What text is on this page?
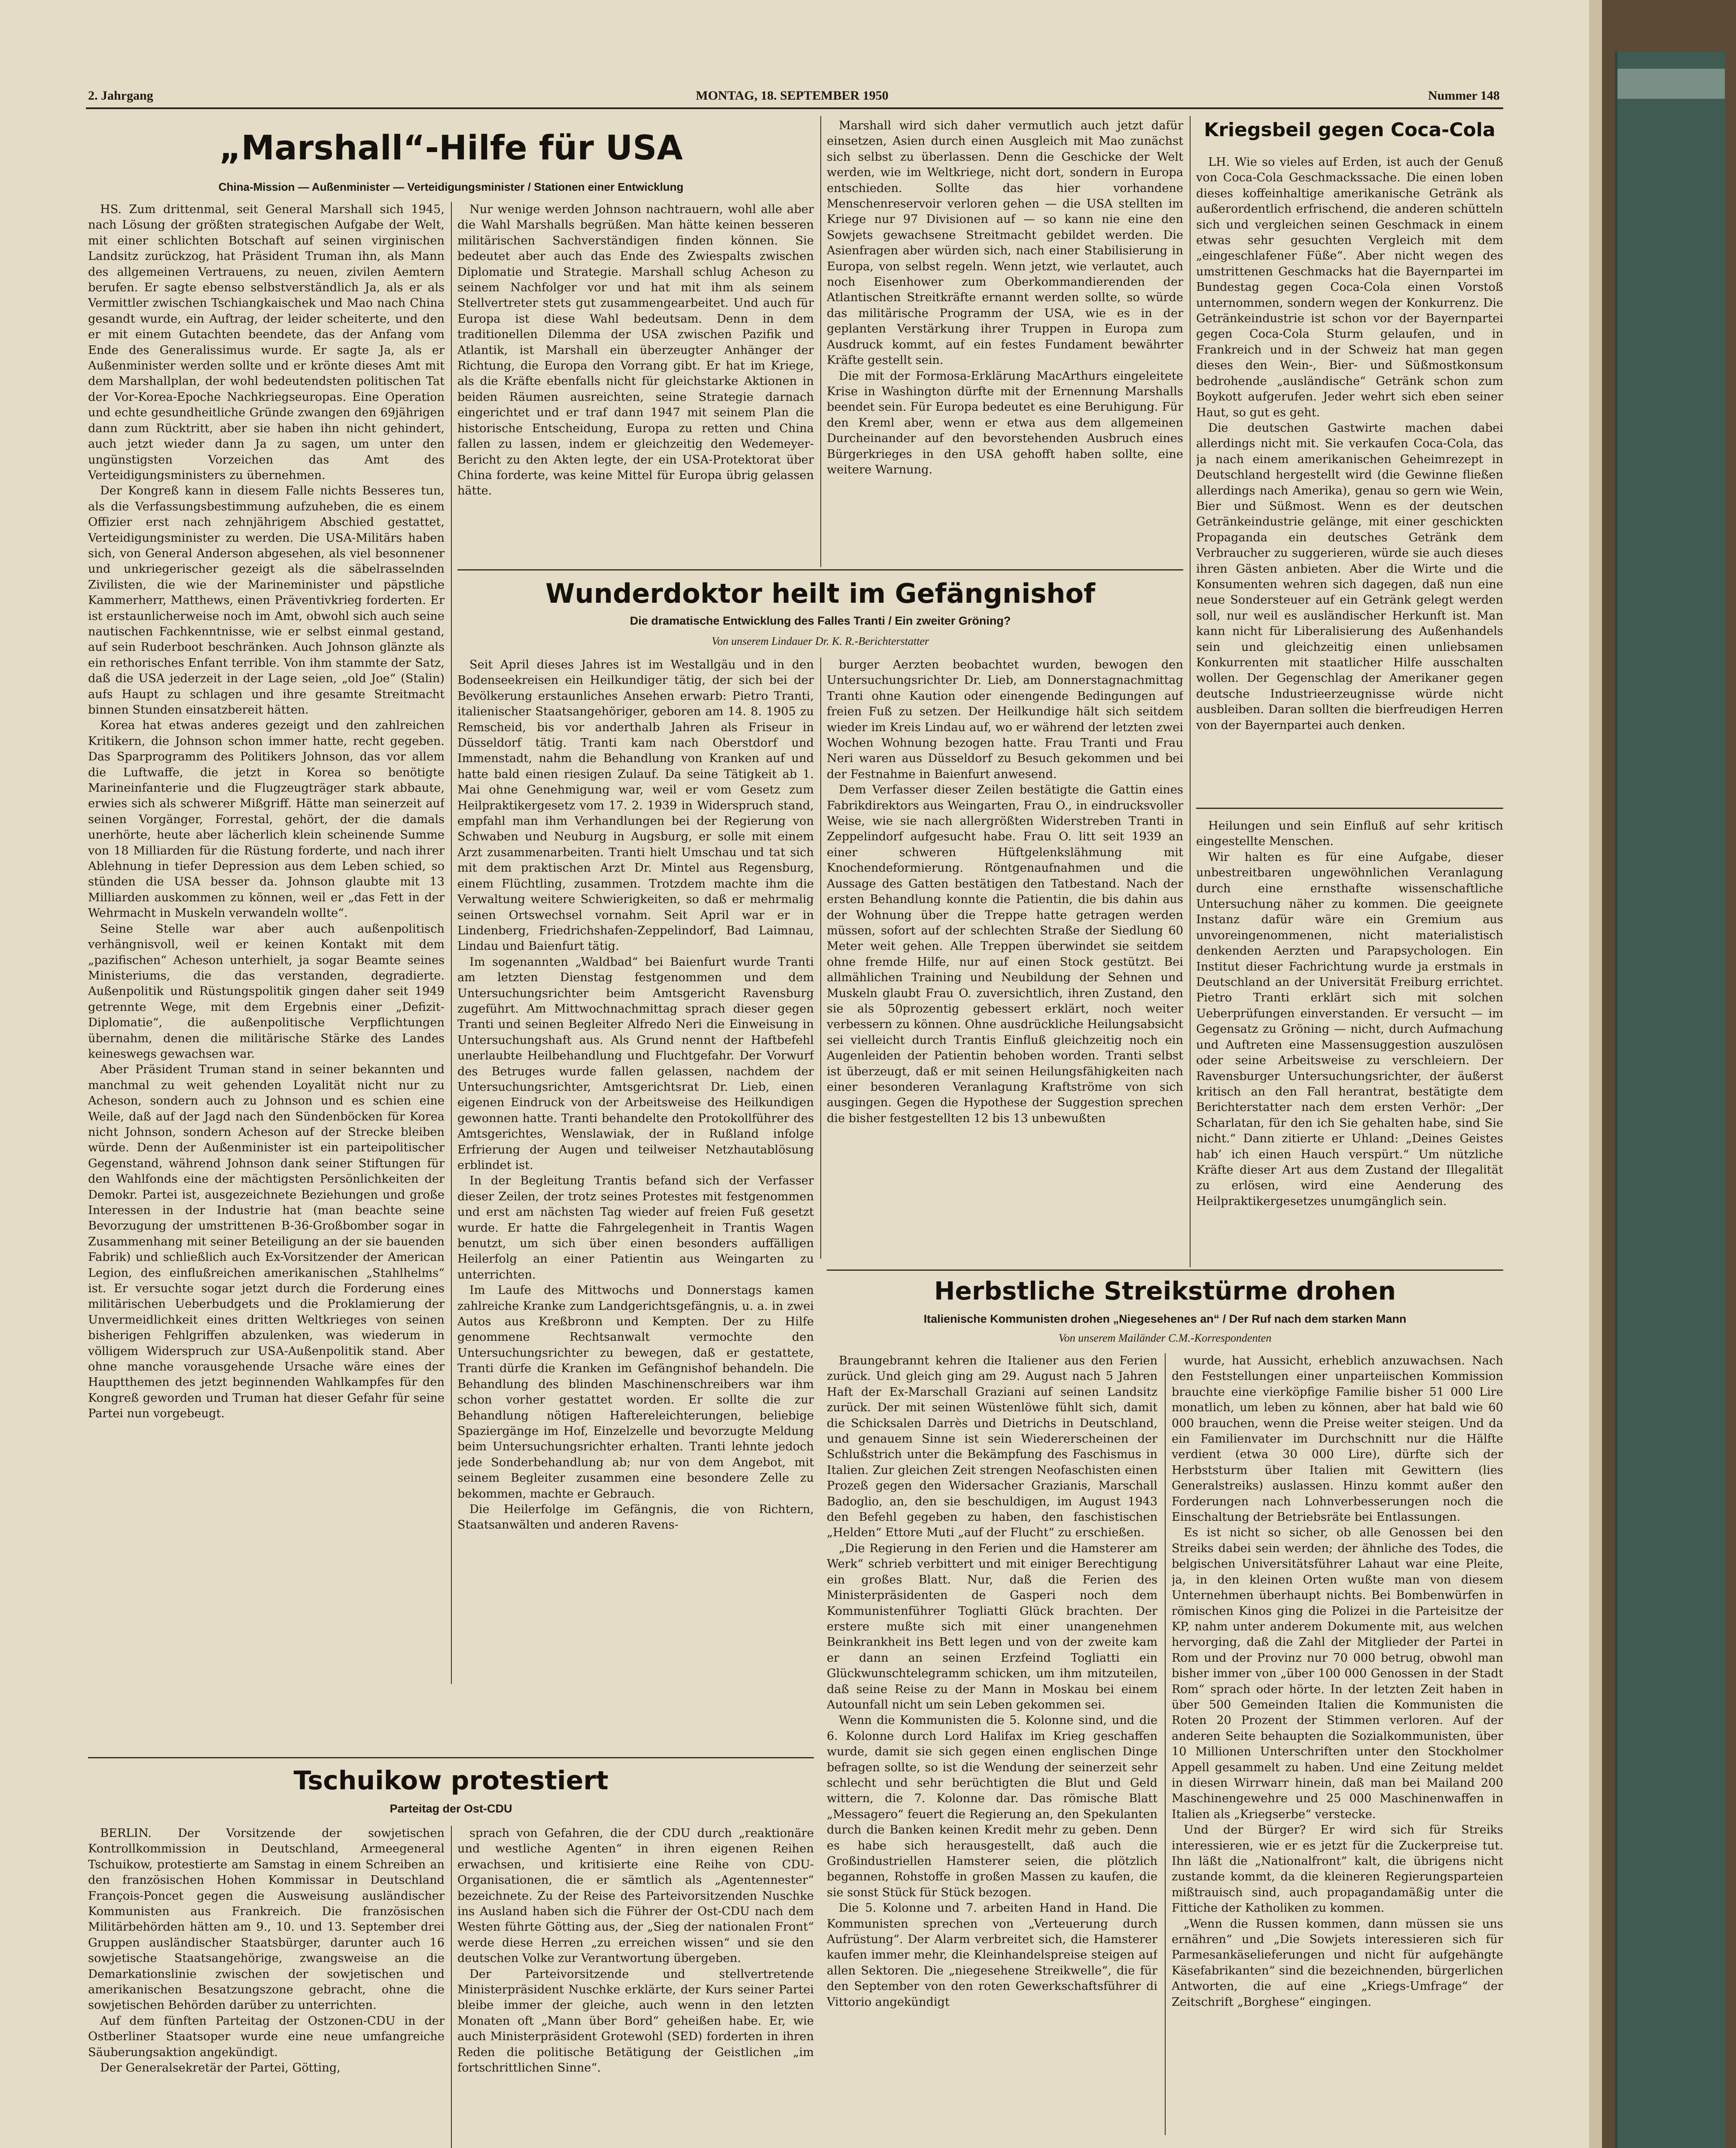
2. Jahrgang	MONTAG, 18. SEPTEMBER 1950	Nummer 148
„Marshall“-Hilfe für USA
China-Mission — Außenminister — Verteidigungsminister / Stationen einer Entwicklung

HS. Zum drittenmal, seit General Marshall sich 1945, nach Lösung der größten strategischen Aufgabe der Welt, mit einer schlichten Botschaft auf seinen virginischen Landsitz zurückzog, hat Präsident Truman ihn, als Mann des allgemeinen Vertrauens, zu neuen, zivilen Aemtern berufen. Er sagte ebenso selbstverständlich Ja, als er als Vermittler zwischen Tschiangkaischek und Mao nach China gesandt wurde, ein Auftrag, der leider scheiterte, und den er mit einem Gutachten beendete, das der Anfang vom Ende des Generalissimus wurde. Er sagte Ja, als er Außenminister werden sollte und er krönte dieses Amt mit dem Marshallplan, der wohl bedeutendsten politischen Tat der Vor-Korea-Epoche Nachkriegseuropas. Eine Operation und echte gesundheitliche Gründe zwangen den 69jährigen dann zum Rücktritt, aber sie haben ihn nicht gehindert, auch jetzt wieder dann Ja zu sagen, um unter den ungünstigsten Vorzeichen das Amt des Verteidigungsministers zu übernehmen.

Der Kongreß kann in diesem Falle nichts Besseres tun, als die Verfassungsbestimmung aufzuheben, die es einem Offizier erst nach zehnjährigem Abschied gestattet, Verteidigungsminister zu werden. Die USA-Militärs haben sich, von General Anderson abgesehen, als viel besonnener und unkriegerischer gezeigt als die säbelrasselnden Zivilisten, die wie der Marineminister und päpstliche Kammerherr, Matthews, einen Präventivkrieg forderten. Er ist erstaunlicherweise noch im Amt, obwohl sich auch seine nautischen Fachkenntnisse, wie er selbst einmal gestand, auf sein Ruderboot beschränken. Auch Johnson glänzte als ein rethorisches Enfant terrible. Von ihm stammte der Satz, daß die USA jederzeit in der Lage seien, „old Joe“ (Stalin) aufs Haupt zu schlagen und ihre gesamte Streitmacht binnen Stunden einsatzbereit hätten.

Korea hat etwas anderes gezeigt und den zahlreichen Kritikern, die Johnson schon immer hatte, recht gegeben. Das Sparprogramm des Politikers Johnson, das vor allem die Luftwaffe, die jetzt in Korea so benötigte Marineinfanterie und die Flugzeugträger stark abbaute, erwies sich als schwerer Mißgriff. Hätte man seinerzeit auf seinen Vorgänger, Forrestal, gehört, der die damals unerhörte, heute aber lächerlich klein scheinende Summe von 18 Milliarden für die Rüstung forderte, und nach ihrer Ablehnung in tiefer Depression aus dem Leben schied, so stünden die USA besser da. Johnson glaubte mit 13 Milliarden auskommen zu können, weil er „das Fett in der Wehrmacht in Muskeln verwandeln wollte“.

Seine Stelle war aber auch außenpolitisch verhängnisvoll, weil er keinen Kontakt mit dem „pazifischen“ Acheson unterhielt, ja sogar Beamte seines Ministeriums, die das verstanden, degradierte. Außenpolitik und Rüstungspolitik gingen daher seit 1949 getrennte Wege, mit dem Ergebnis einer „Defizit-Diplomatie“, die außenpolitische Verpflichtungen übernahm, denen die militärische Stärke des Landes keineswegs gewachsen war.

Aber Präsident Truman stand in seiner bekannten und manchmal zu weit gehenden Loyalität nicht nur zu Acheson, sondern auch zu Johnson und es schien eine Weile, daß auf der Jagd nach den Sündenböcken für Korea nicht Johnson, sondern Acheson auf der Strecke bleiben würde. Denn der Außenminister ist ein parteipolitischer Gegenstand, während Johnson dank seiner Stiftungen für den Wahlfonds eine der mächtigsten Persönlichkeiten der Demokr. Partei ist, ausgezeichnete Beziehungen und große Interessen in der Industrie hat (man beachte seine Bevorzugung der umstrittenen B-36-Großbomber sogar in Zusammenhang mit seiner Beteiligung an der sie bauenden Fabrik) und schließlich auch Ex-Vorsitzender der American Legion, des einflußreichen amerikanischen „Stahlhelms“ ist. Er versuchte sogar jetzt durch die Forderung eines militärischen Ueberbudgets und die Proklamierung der Unvermeidlichkeit eines dritten Weltkrieges von seinen bisherigen Fehlgriffen abzulenken, was wiederum in völligem Widerspruch zur USA-Außenpolitik stand. Aber ohne manche vorausgehende Ursache wäre eines der Hauptthemen des jetzt beginnenden Wahlkampfes für den Kongreß geworden und Truman hat dieser Gefahr für seine Partei nun vorgebeugt.

Nur wenige werden Johnson nachtrauern, wohl alle aber die Wahl Marshalls begrüßen. Man hätte keinen besseren militärischen Sachverständigen finden können. Sie bedeutet aber auch das Ende des Zwiespalts zwischen Diplomatie und Strategie. Marshall schlug Acheson zu seinem Nachfolger vor und hat mit ihm als seinem Stellvertreter stets gut zusammengearbeitet. Und auch für Europa ist diese Wahl bedeutsam. Denn in dem traditionellen Dilemma der USA zwischen Pazifik und Atlantik, ist Marshall ein überzeugter Anhänger der Richtung, die Europa den Vorrang gibt. Er hat im Kriege, als die Kräfte ebenfalls nicht für gleichstarke Aktionen in beiden Räumen ausreichten, seine Strategie darnach eingerichtet und er traf dann 1947 mit seinem Plan die historische Entscheidung, Europa zu retten und China fallen zu lassen, indem er gleichzeitig den Wedemeyer-Bericht zu den Akten legte, der ein USA-Protektorat über China forderte, was keine Mittel für Europa übrig gelassen hätte.

Marshall wird sich daher vermutlich auch jetzt dafür einsetzen, Asien durch einen Ausgleich mit Mao zunächst sich selbst zu überlassen. Denn die Geschicke der Welt werden, wie im Weltkriege, nicht dort, sondern in Europa entschieden. Sollte das hier vorhandene Menschenreservoir verloren gehen — die USA stellten im Kriege nur 97 Divisionen auf — so kann nie eine den Sowjets gewachsene Streitmacht gebildet werden. Die Asienfragen aber würden sich, nach einer Stabilisierung in Europa, von selbst regeln. Wenn jetzt, wie verlautet, auch noch Eisenhower zum Oberkommandierenden der Atlantischen Streitkräfte ernannt werden sollte, so würde das militärische Programm der USA, wie es in der geplanten Verstärkung ihrer Truppen in Europa zum Ausdruck kommt, auf ein festes Fundament bewährter Kräfte gestellt sein.

Die mit der Formosa-Erklärung MacArthurs eingeleitete Krise in Washington dürfte mit der Ernennung Marshalls beendet sein. Für Europa bedeutet es eine Beruhigung. Für den Kreml aber, wenn er etwa aus dem allgemeinen Durcheinander auf den bevorstehenden Ausbruch eines Bürgerkrieges in den USA gehofft haben sollte, eine weitere Warnung.

Kriegsbeil gegen Coca-Cola

LH. Wie so vieles auf Erden, ist auch der Genuß von Coca-Cola Geschmackssache. Die einen loben dieses koffeinhaltige amerikanische Getränk als außerordentlich erfrischend, die anderen schütteln sich und vergleichen seinen Geschmack in einem etwas sehr gesuchten Vergleich mit dem „eingeschlafener Füße“. Aber nicht wegen des umstrittenen Geschmacks hat die Bayernpartei im Bundestag gegen Coca-Cola einen Vorstoß unternommen, sondern wegen der Konkurrenz. Die Getränkeindustrie ist schon vor der Bayernpartei gegen Coca-Cola Sturm gelaufen, und in Frankreich und in der Schweiz hat man gegen dieses den Wein-, Bier- und Süßmostkonsum bedrohende „ausländische“ Getränk schon zum Boykott aufgerufen. Jeder wehrt sich eben seiner Haut, so gut es geht.

Die deutschen Gastwirte machen dabei allerdings nicht mit. Sie verkaufen Coca-Cola, das ja nach einem amerikanischen Geheimrezept in Deutschland hergestellt wird (die Gewinne fließen allerdings nach Amerika), genau so gern wie Wein, Bier und Süßmost. Wenn es der deutschen Getränkeindustrie gelänge, mit einer geschickten Propaganda ein deutsches Getränk dem Verbraucher zu suggerieren, würde sie auch dieses ihren Gästen anbieten. Aber die Wirte und die Konsumenten wehren sich dagegen, daß nun eine neue Sondersteuer auf ein Getränk gelegt werden soll, nur weil es ausländischer Herkunft ist. Man kann nicht für Liberalisierung des Außenhandels sein und gleichzeitig einen unliebsamen Konkurrenten mit staatlicher Hilfe ausschalten wollen. Der Gegenschlag der Amerikaner gegen deutsche Industrieerzeugnisse würde nicht ausbleiben. Daran sollten die bierfreudigen Herren von der Bayernpartei auch denken.

Wunderdoktor heilt im Gefängnishof
Die dramatische Entwicklung des Falles Tranti / Ein zweiter Gröning?
Von unserem Lindauer Dr. K. R.-Berichterstatter

Seit April dieses Jahres ist im Westallgäu und in den Bodenseekreisen ein Heilkundiger tätig, der sich bei der Bevölkerung erstaunliches Ansehen erwarb: Pietro Tranti, italienischer Staatsangehöriger, geboren am 14. 8. 1905 zu Remscheid, bis vor anderthalb Jahren als Friseur in Düsseldorf tätig. Tranti kam nach Oberstdorf und Immenstadt, nahm die Behandlung von Kranken auf und hatte bald einen riesigen Zulauf. Da seine Tätigkeit ab 1. Mai ohne Genehmigung war, weil er vom Gesetz zum Heilpraktikergesetz vom 17. 2. 1939 in Widerspruch stand, empfahl man ihm Verhandlungen bei der Regierung von Schwaben und Neuburg in Augsburg, er solle mit einem Arzt zusammenarbeiten. Tranti hielt Umschau und tat sich mit dem praktischen Arzt Dr. Mintel aus Regensburg, einem Flüchtling, zusammen. Trotzdem machte ihm die Verwaltung weitere Schwierigkeiten, so daß er mehrmalig seinen Ortswechsel vornahm. Seit April war er in Lindenberg, Friedrichshafen-Zeppelindorf, Bad Laimnau, Lindau und Baienfurt tätig.

Im sogenannten „Waldbad“ bei Baienfurt wurde Tranti am letzten Dienstag festgenommen und dem Untersuchungsrichter beim Amtsgericht Ravensburg zugeführt. Am Mittwochnachmittag sprach dieser gegen Tranti und seinen Begleiter Alfredo Neri die Einweisung in Untersuchungshaft aus. Als Grund nennt der Haftbefehl unerlaubte Heilbehandlung und Fluchtgefahr. Der Vorwurf des Betruges wurde fallen gelassen, nachdem der Untersuchungsrichter, Amtsgerichtsrat Dr. Lieb, einen eigenen Eindruck von der Arbeitsweise des Heilkundigen gewonnen hatte. Tranti behandelte den Protokollführer des Amtsgerichtes, Wenslawiak, der in Rußland infolge Erfrierung der Augen und teilweiser Netzhautablösung erblindet ist.

In der Begleitung Trantis befand sich der Verfasser dieser Zeilen, der trotz seines Protestes mit festgenommen und erst am nächsten Tag wieder auf freien Fuß gesetzt wurde. Er hatte die Fahrgelegenheit in Trantis Wagen benutzt, um sich über einen besonders auffälligen Heilerfolg an einer Patientin aus Weingarten zu unterrichten.

Im Laufe des Mittwochs und Donnerstags kamen zahlreiche Kranke zum Landgerichtsgefängnis, u. a. in zwei Autos aus Kreßbronn und Kempten. Der zu Hilfe genommene Rechtsanwalt vermochte den Untersuchungsrichter zu bewegen, daß er gestattete, Tranti dürfe die Kranken im Gefängnishof behandeln. Die Behandlung des blinden Maschinenschreibers war ihm schon vorher gestattet worden. Er sollte die zur Behandlung nötigen Haftereleichterungen, beliebige Spaziergänge im Hof, Einzelzelle und bevorzugte Meldung beim Untersuchungsrichter erhalten. Tranti lehnte jedoch jede Sonderbehandlung ab; nur von dem Angebot, mit seinem Begleiter zusammen eine besondere Zelle zu bekommen, machte er Gebrauch.

Die Heilerfolge im Gefängnis, die von Richtern, Staatsanwälten und anderen Ravens-

burger Aerzten beobachtet wurden, bewogen den Untersuchungsrichter Dr. Lieb, am Donnerstagnachmittag Tranti ohne Kaution oder einengende Bedingungen auf freien Fuß zu setzen. Der Heilkundige hält sich seitdem wieder im Kreis Lindau auf, wo er während der letzten zwei Wochen Wohnung bezogen hatte. Frau Tranti und Frau Neri waren aus Düsseldorf zu Besuch gekommen und bei der Festnahme in Baienfurt anwesend.

Dem Verfasser dieser Zeilen bestätigte die Gattin eines Fabrikdirektors aus Weingarten, Frau O., in eindrucksvoller Weise, wie sie nach allergrößten Widerstreben Tranti in Zeppelindorf aufgesucht habe. Frau O. litt seit 1939 an einer schweren Hüftgelenkslähmung mit Knochendeformierung. Röntgenaufnahmen und die Aussage des Gatten bestätigen den Tatbestand. Nach der ersten Behandlung konnte die Patientin, die bis dahin aus der Wohnung über die Treppe hatte getragen werden müssen, sofort auf der schlechten Straße der Siedlung 60 Meter weit gehen. Alle Treppen überwindet sie seitdem ohne fremde Hilfe, nur auf einen Stock gestützt. Bei allmählichen Training und Neubildung der Sehnen und Muskeln glaubt Frau O. zuversichtlich, ihren Zustand, den sie als 50prozentig gebessert erklärt, noch weiter verbessern zu können. Ohne ausdrückliche Heilungsabsicht sei vielleicht durch Trantis Einfluß gleichzeitig noch ein Augenleiden der Patientin behoben worden. Tranti selbst ist überzeugt, daß er mit seinen Heilungsfähigkeiten nach einer besonderen Veranlagung Kraftströme von sich ausgingen. Gegen die Hypothese der Suggestion sprechen die bisher festgestellten 12 bis 13 unbewußten

Heilungen und sein Einfluß auf sehr kritisch eingestellte Menschen.

Wir halten es für eine Aufgabe, dieser unbestreitbaren ungewöhnlichen Veranlagung durch eine ernsthafte wissenschaftliche Untersuchung näher zu kommen. Die geeignete Instanz dafür wäre ein Gremium aus unvoreingenommenen, nicht materialistisch denkenden Aerzten und Parapsychologen. Ein Institut dieser Fachrichtung wurde ja erstmals in Deutschland an der Universität Freiburg errichtet. Pietro Tranti erklärt sich mit solchen Ueberprüfungen einverstanden. Er versucht — im Gegensatz zu Gröning — nicht, durch Aufmachung und Auftreten eine Massensuggestion auszulösen oder seine Arbeitsweise zu verschleiern. Der Ravensburger Untersuchungsrichter, der äußerst kritisch an den Fall herantrat, bestätigte dem Berichterstatter nach dem ersten Verhör: „Der Scharlatan, für den ich Sie gehalten habe, sind Sie nicht.“ Dann zitierte er Uhland: „Deines Geistes hab’ ich einen Hauch verspürt.“ Um nützliche Kräfte dieser Art aus dem Zustand der Illegalität zu erlösen, wird eine Aenderung des Heilpraktikergesetzes unumgänglich sein.

Herbstliche Streikstürme drohen
Italienische Kommunisten drohen „Niegesehenes an“ / Der Ruf nach dem starken Mann
Von unserem Mailänder C.M.-Korrespondenten

Braungebrannt kehren die Italiener aus den Ferien zurück. Und gleich ging am 29. August nach 5 Jahren Haft der Ex-Marschall Graziani auf seinen Landsitz zurück. Der mit seinen Wüstenlöwe fühlt sich, damit die Schicksalen Darrès und Dietrichs in Deutschland, und genauem Sinne ist sein Wiedererscheinen der Schlußstrich unter die Bekämpfung des Faschismus in Italien. Zur gleichen Zeit strengen Neofaschisten einen Prozeß gegen den Widersacher Grazianis, Marschall Badoglio, an, den sie beschuldigen, im August 1943 den Befehl gegeben zu haben, den faschistischen „Helden“ Ettore Muti „auf der Flucht“ zu erschießen.

„Die Regierung in den Ferien und die Hamsterer am Werk“ schrieb verbittert und mit einiger Berechtigung ein großes Blatt. Nur, daß die Ferien des Ministerpräsidenten de Gasperi noch dem Kommunistenführer Togliatti Glück brachten. Der erstere mußte sich mit einer unangenehmen Beinkrankheit ins Bett legen und von der zweite kam er dann an seinen Erzfeind Togliatti ein Glückwunschtelegramm schicken, um ihm mitzuteilen, daß seine Reise zu der Mann in Moskau bei einem Autounfall nicht um sein Leben gekommen sei.

Wenn die Kommunisten die 5. Kolonne sind, und die 6. Kolonne durch Lord Halifax im Krieg geschaffen wurde, damit sie sich gegen einen englischen Dinge befragen sollte, so ist die Wendung der seinerzeit sehr schlecht und sehr berüchtigten die Blut und Geld wittern, die 7. Kolonne dar. Das römische Blatt „Messagero“ feuert die Regierung an, den Spekulanten durch die Banken keinen Kredit mehr zu geben. Denn es habe sich herausgestellt, daß auch die Großindustriellen Hamsterer seien, die plötzlich begannen, Rohstoffe in großen Massen zu kaufen, die sie sonst Stück für Stück bezogen.

Die 5. Kolonne und 7. arbeiten Hand in Hand. Die Kommunisten sprechen von „Verteuerung durch Aufrüstung“. Der Alarm verbreitet sich, die Hamsterer kaufen immer mehr, die Kleinhandelspreise steigen auf allen Sektoren. Die „niegesehene Streikwelle“, die für den September von den roten Gewerkschaftsführer di Vittorio angekündigt

wurde, hat Aussicht, erheblich anzuwachsen. Nach den Feststellungen einer unparteiischen Kommission brauchte eine vierköpfige Familie bisher 51 000 Lire monatlich, um leben zu können, aber hat bald wie 60 000 brauchen, wenn die Preise weiter steigen. Und da ein Familienvater im Durchschnitt nur die Hälfte verdient (etwa 30 000 Lire), dürfte sich der Herbststurm über Italien mit Gewittern (lies Generalstreiks) auslassen. Hinzu kommt außer den Forderungen nach Lohnverbesserungen noch die Einschaltung der Betriebsräte bei Entlassungen.

Es ist nicht so sicher, ob alle Genossen bei den Streiks dabei sein werden; der ähnliche des Todes, die belgischen Universitätsführer Lahaut war eine Pleite, ja, in den kleinen Orten wußte man von diesem Unternehmen überhaupt nichts. Bei Bombenwürfen in römischen Kinos ging die Polizei in die Parteisitze der KP, nahm unter anderem Dokumente mit, aus welchen hervorging, daß die Zahl der Mitglieder der Partei in Rom und der Provinz nur 70 000 betrug, obwohl man bisher immer von „über 100 000 Genossen in der Stadt Rom“ sprach oder hörte. In der letzten Zeit haben in über 500 Gemeinden Italien die Kommunisten die Roten 20 Prozent der Stimmen verloren. Auf der anderen Seite behaupten die Sozialkommunisten, über 10 Millionen Unterschriften unter den Stockholmer Appell gesammelt zu haben. Und eine Zeitung meldet in diesen Wirrwarr hinein, daß man bei Mailand 200 Maschinengewehre und 25 000 Maschinenwaffen in Italien als „Kriegserbe“ verstecke.

Und der Bürger? Er wird sich für Streiks interessieren, wie er es jetzt für die Zuckerpreise tut. Ihn läßt die „Nationalfront“ kalt, die übrigens nicht zustande kommt, da die kleineren Regierungsparteien mißtrauisch sind, auch propagandamäßig unter die Fittiche der Katholiken zu kommen.

„Wenn die Russen kommen, dann müssen sie uns ernähren“ und „Die Sowjets interessieren sich für Parmesankäselieferungen und nicht für aufgehängte Käsefabrikanten“ sind die bezeichnenden, bürgerlichen Antworten, die auf eine „Kriegs-Umfrage“ der Zeitschrift „Borghese“ eingingen.

Tschuikow protestiert
Parteitag der Ost-CDU

BERLIN. Der Vorsitzende der sowjetischen Kontrollkommission in Deutschland, Armeegeneral Tschuikow, protestierte am Samstag in einem Schreiben an den französischen Hohen Kommissar in Deutschland François-Poncet gegen die Ausweisung ausländischer Kommunisten aus Frankreich. Die französischen Militärbehörden hätten am 9., 10. und 13. September drei Gruppen ausländischer Staatsbürger, darunter auch 16 sowjetische Staatsangehörige, zwangsweise an die Demarkationslinie zwischen der sowjetischen und amerikanischen Besatzungszone gebracht, ohne die sowjetischen Behörden darüber zu unterrichten.

Auf dem fünften Parteitag der Ostzonen-CDU in der Ostberliner Staatsoper wurde eine neue umfangreiche Säuberungsaktion angekündigt.

Der Generalsekretär der Partei, Götting,

sprach von Gefahren, die der CDU durch „reaktionäre und westliche Agenten“ in ihren eigenen Reihen erwachsen, und kritisierte eine Reihe von CDU-Organisationen, die er sämtlich als „Agentennester“ bezeichnete. Zu der Reise des Parteivorsitzenden Nuschke ins Ausland haben sich die Führer der Ost-CDU nach dem Westen führte Götting aus, der „Sieg der nationalen Front“ werde diese Herren „zu erreichen wissen“ und sie den deutschen Volke zur Verantwortung übergeben.

Der Parteivorsitzende und stellvertretende Ministerpräsident Nuschke erklärte, der Kurs seiner Partei bleibe immer der gleiche, auch wenn in den letzten Monaten oft „Mann über Bord“ geheißen habe. Er, wie auch Ministerpräsident Grotewohl (SED) forderten in ihren Reden die politische Betätigung der Geistlichen „im fortschrittlichen Sinne“.
